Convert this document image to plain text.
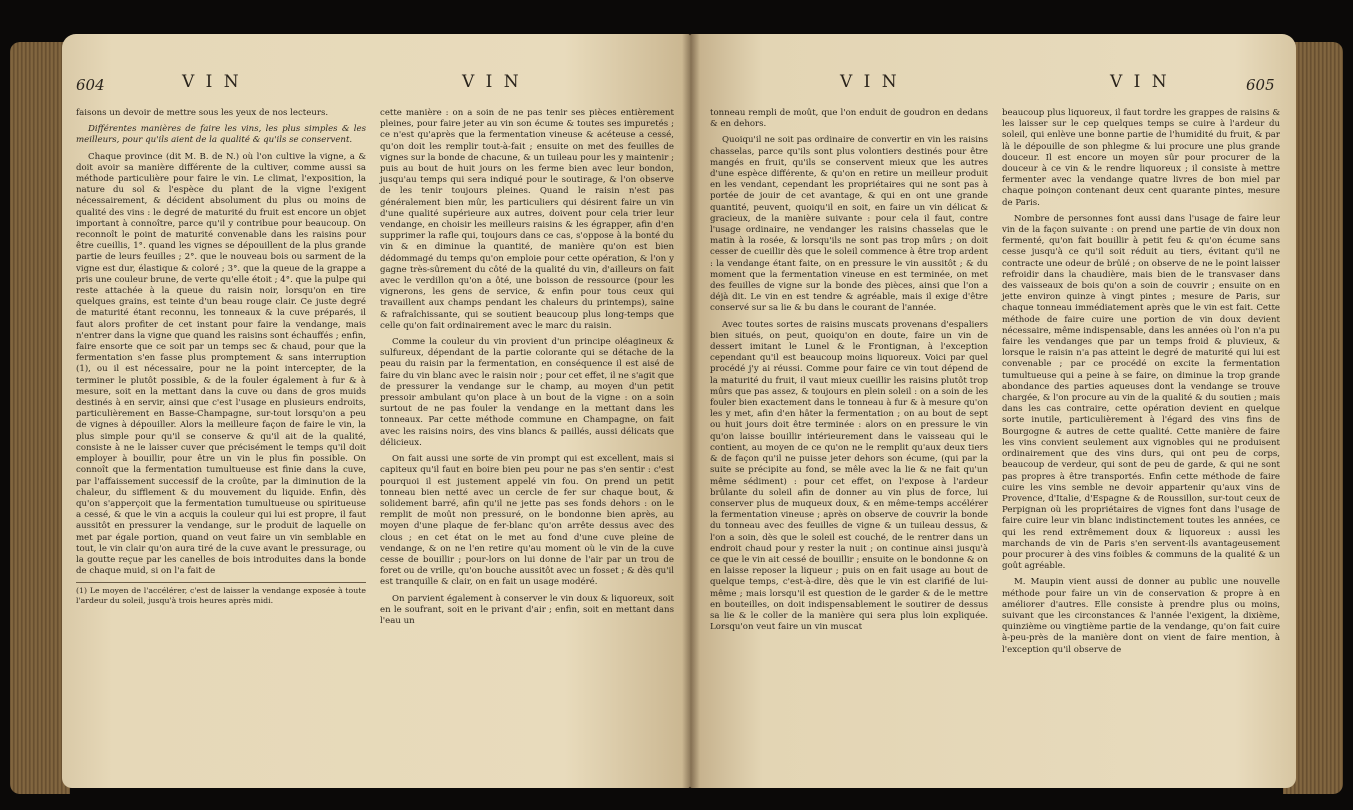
604	V I N	V I N

faisons un devoir de mettre sous les yeux de nos lecteurs.

Différentes manières de faire les vins, les plus simples & les meilleurs, pour qu'ils aient de la qualité & qu'ils se conservent.

Chaque province (dit M. B. de N.) où l'on cultive la vigne, a & doit avoir sa manière différente de la cultiver, comme aussi sa méthode particulière pour faire le vin. Le climat, l'exposition, la nature du sol & l'espèce du plant de la vigne l'exigent nécessairement, & décident absolument du plus ou moins de qualité des vins : le degré de maturité du fruit est encore un objet important à connoître, parce qu'il y contribue pour beaucoup. On reconnoît le point de maturité convenable dans les raisins pour être cueillis, 1°. quand les vignes se dépouillent de la plus grande partie de leurs feuilles ; 2°. que le nouveau bois ou sarment de la vigne est dur, élastique & coloré ; 3°. que la queue de la grappe a pris une couleur brune, de verte qu'elle étoit ; 4°. que la pulpe qui reste attachée à la queue du raisin noir, lorsqu'on en tire quelques grains, est teinte d'un beau rouge clair. Ce juste degré de maturité étant reconnu, les tonneaux & la cuve préparés, il faut alors profiter de cet instant pour faire la vendange, mais n'entrer dans la vigne que quand les raisins sont échauffés ; enfin, faire ensorte que ce soit par un temps sec & chaud, pour que la fermentation s'en fasse plus promptement & sans interruption (1), ou il est nécessaire, pour ne la point intercepter, de la terminer le plutôt possible, & de la fouler également à fur & à mesure, soit en la mettant dans la cuve ou dans de gros muids destinés à en servir, ainsi que c'est l'usage en plusieurs endroits, particulièrement en Basse-Champagne, sur-tout lorsqu'on a peu de vignes à dépouiller. Alors la meilleure façon de faire le vin, la plus simple pour qu'il se conserve & qu'il ait de la qualité, consiste à ne le laisser cuver que précisément le temps qu'il doit employer à bouillir, pour être un vin le plus fin possible. On connoît que la fermentation tumultueuse est finie dans la cuve, par l'affaissement successif de la croûte, par la diminution de la chaleur, du sifflement & du mouvement du liquide. Enfin, dès qu'on s'apperçoit que la fermentation tumultueuse ou spiritueuse a cessé, & que le vin a acquis la couleur qui lui est propre, il faut aussitôt en pressurer la vendange, sur le produit de laquelle on met par égale portion, quand on veut faire un vin semblable en tout, le vin clair qu'on aura tiré de la cuve avant le pressurage, ou la goutte reçue par les canelles de bois introduites dans la bonde de chaque muid, si on l'a fait de

(1) Le moyen de l'accélérer, c'est de laisser la vendange exposée à toute l'ardeur du soleil, jusqu'à trois heures après midi.

cette manière : on a soin de ne pas tenir ses pièces entièrement pleines, pour faire jeter au vin son écume & toutes ses impuretés ; ce n'est qu'après que la fermentation vineuse & acéteuse a cessé, qu'on doit les remplir tout-à-fait ; ensuite on met des feuilles de vignes sur la bonde de chacune, & un tuileau pour les y maintenir ; puis au bout de huit jours on les ferme bien avec leur bondon, jusqu'au temps qui sera indiqué pour le soutirage, & l'on observe de les tenir toujours pleines. Quand le raisin n'est pas généralement bien mûr, les particuliers qui désirent faire un vin d'une qualité supérieure aux autres, doivent pour cela trier leur vendange, en choisir les meilleurs raisins & les égrapper, afin d'en supprimer la rafle qui, toujours dans ce cas, s'oppose à la bonté du vin & en diminue la quantité, de manière qu'on est bien dédommagé du temps qu'on emploie pour cette opération, & l'on y gagne très-sûrement du côté de la qualité du vin, d'ailleurs on fait avec le verdillon qu'on a ôté, une boisson de ressource (pour les vignerons, les gens de service, & enfin pour tous ceux qui travaillent aux champs pendant les chaleurs du printemps), saine & rafraîchissante, qui se soutient beaucoup plus long-temps que celle qu'on fait ordinairement avec le marc du raisin.

Comme la couleur du vin provient d'un principe oléagineux & sulfureux, dépendant de la partie colorante qui se détache de la peau du raisin par la fermentation, en conséquence il est aisé de faire du vin blanc avec le raisin noir ; pour cet effet, il ne s'agit que de pressurer la vendange sur le champ, au moyen d'un petit pressoir ambulant qu'on place à un bout de la vigne : on a soin surtout de ne pas fouler la vendange en la mettant dans les tonneaux. Par cette méthode commune en Champagne, on fait avec les raisins noirs, des vins blancs & paillés, aussi délicats que délicieux.

On fait aussi une sorte de vin prompt qui est excellent, mais si capiteux qu'il faut en boire bien peu pour ne pas s'en sentir : c'est pourquoi il est justement appelé vin fou. On prend un petit tonneau bien netté avec un cercle de fer sur chaque bout, & solidement barré, afin qu'il ne jette pas ses fonds dehors : on le remplit de moût non pressuré, on le bondonne bien après, au moyen d'une plaque de fer-blanc qu'on arrête dessus avec des clous ; en cet état on le met au fond d'une cuve pleine de vendange, & on ne l'en retire qu'au moment où le vin de la cuve cesse de bouillir ; pour-lors on lui donne de l'air par un trou de foret ou de vrille, qu'on bouche aussitôt avec un fosset ; & dès qu'il est tranquille & clair, on en fait un usage modéré.

On parvient également à conserver le vin doux & liquoreux, soit en le soufrant, soit en le privant d'air ; enfin, soit en mettant dans l'eau un

V I N	V I N	605

tonneau rempli de moût, que l'on enduit de goudron en dedans & en dehors.

Quoiqu'il ne soit pas ordinaire de convertir en vin les raisins chasselas, parce qu'ils sont plus volontiers destinés pour être mangés en fruit, qu'ils se conservent mieux que les autres d'une espèce différente, & qu'on en retire un meilleur produit en les vendant, cependant les propriétaires qui ne sont pas à portée de jouir de cet avantage, & qui en ont une grande quantité, peuvent, quoiqu'il en soit, en faire un vin délicat & gracieux, de la manière suivante : pour cela il faut, contre l'usage ordinaire, ne vendanger les raisins chasselas que le matin à la rosée, & lorsqu'ils ne sont pas trop mûrs ; on doit cesser de cueillir dès que le soleil commence à être trop ardent : la vendange étant faite, on en pressure le vin aussitôt ; & du moment que la fermentation vineuse en est terminée, on met des feuilles de vigne sur la bonde des pièces, ainsi que l'on a déjà dit. Le vin en est tendre & agréable, mais il exige d'être conservé sur sa lie & bu dans le courant de l'année.

Avec toutes sortes de raisins muscats provenans d'espaliers bien situés, on peut, quoiqu'on en doute, faire un vin de dessert imitant le Lunel & le Frontignan, à l'exception cependant qu'il est beaucoup moins liquoreux. Voici par quel procédé j'y ai réussi. Comme pour faire ce vin tout dépend de la maturité du fruit, il vaut mieux cueillir les raisins plutôt trop mûrs que pas assez, & toujours en plein soleil : on a soin de les fouler bien exactement dans le tonneau à fur & à mesure qu'on les y met, afin d'en hâter la fermentation ; on au bout de sept ou huit jours doit être terminée : alors on en pressure le vin qu'on laisse bouillir intérieurement dans le vaisseau qui le contient, au moyen de ce qu'on ne le remplit qu'aux deux tiers & de façon qu'il ne puisse jeter dehors son écume, (qui par la suite se précipite au fond, se mêle avec la lie & ne fait qu'un même sédiment) : pour cet effet, on l'expose à l'ardeur brûlante du soleil afin de donner au vin plus de force, lui conserver plus de muqueux doux, & en même-temps accélérer la fermentation vineuse ; après on observe de couvrir la bonde du tonneau avec des feuilles de vigne & un tuileau dessus, & l'on a soin, dès que le soleil est couché, de le rentrer dans un endroit chaud pour y rester la nuit ; on continue ainsi jusqu'à ce que le vin ait cessé de bouillir ; ensuite on le bondonne & on en laisse reposer la liqueur ; puis on en fait usage au bout de quelque temps, c'est-à-dire, dès que le vin est clarifié de lui-même ; mais lorsqu'il est question de le garder & de le mettre en bouteilles, on doit indispensablement le soutirer de dessus sa lie & le coller de la manière qui sera plus loin expliquée. Lorsqu'on veut faire un vin muscat

beaucoup plus liquoreux, il faut tordre les grappes de raisins & les laisser sur le cep quelques temps se cuire à l'ardeur du soleil, qui enlève une bonne partie de l'humidité du fruit, & par là le dépouille de son phlegme & lui procure une plus grande douceur. Il est encore un moyen sûr pour procurer de la douceur à ce vin & le rendre liquoreux ; il consiste à mettre fermenter avec la vendange quatre livres de bon miel par chaque poinçon contenant deux cent quarante pintes, mesure de Paris.

Nombre de personnes font aussi dans l'usage de faire leur vin de la façon suivante : on prend une partie de vin doux non fermenté, qu'on fait bouillir à petit feu & qu'on écume sans cesse jusqu'à ce qu'il soit réduit au tiers, évitant qu'il ne contracte une odeur de brûlé ; on observe de ne le point laisser refroidir dans la chaudière, mais bien de le transvaser dans des vaisseaux de bois qu'on a soin de couvrir ; ensuite on en jette environ quinze à vingt pintes ; mesure de Paris, sur chaque tonneau immédiatement après que le vin est fait. Cette méthode de faire cuire une portion de vin doux devient nécessaire, même indispensable, dans les années où l'on n'a pu faire les vendanges que par un temps froid & pluvieux, & lorsque le raisin n'a pas atteint le degré de maturité qui lui est convenable ; par ce procédé on excite la fermentation tumultueuse qui a peine à se faire, on diminue la trop grande abondance des parties aqueuses dont la vendange se trouve chargée, & l'on procure au vin de la qualité & du soutien ; mais dans les cas contraire, cette opération devient en quelque sorte inutile, particulièrement à l'égard des vins fins de Bourgogne & autres de cette qualité. Cette manière de faire les vins convient seulement aux vignobles qui ne produisent ordinairement que des vins durs, qui ont peu de corps, beaucoup de verdeur, qui sont de peu de garde, & qui ne sont pas propres à être transportés. Enfin cette méthode de faire cuire les vins semble ne devoir appartenir qu'aux vins de Provence, d'Italie, d'Espagne & de Roussillon, sur-tout ceux de Perpignan où les propriétaires de vignes font dans l'usage de faire cuire leur vin blanc indistinctement toutes les années, ce qui les rend extrêmement doux & liquoreux : aussi les marchands de vin de Paris s'en servent-ils avantageusement pour procurer à des vins foibles & communs de la qualité & un goût agréable.

M. Maupin vient aussi de donner au public une nouvelle méthode pour faire un vin de conservation & propre à en améliorer d'autres. Elle consiste à prendre plus ou moins, suivant que les circonstances & l'année l'exigent, la dixième, quinzième ou vingtième partie de la vendange, qu'on fait cuire à-peu-près de la manière dont on vient de faire mention, à l'exception qu'il observe de
